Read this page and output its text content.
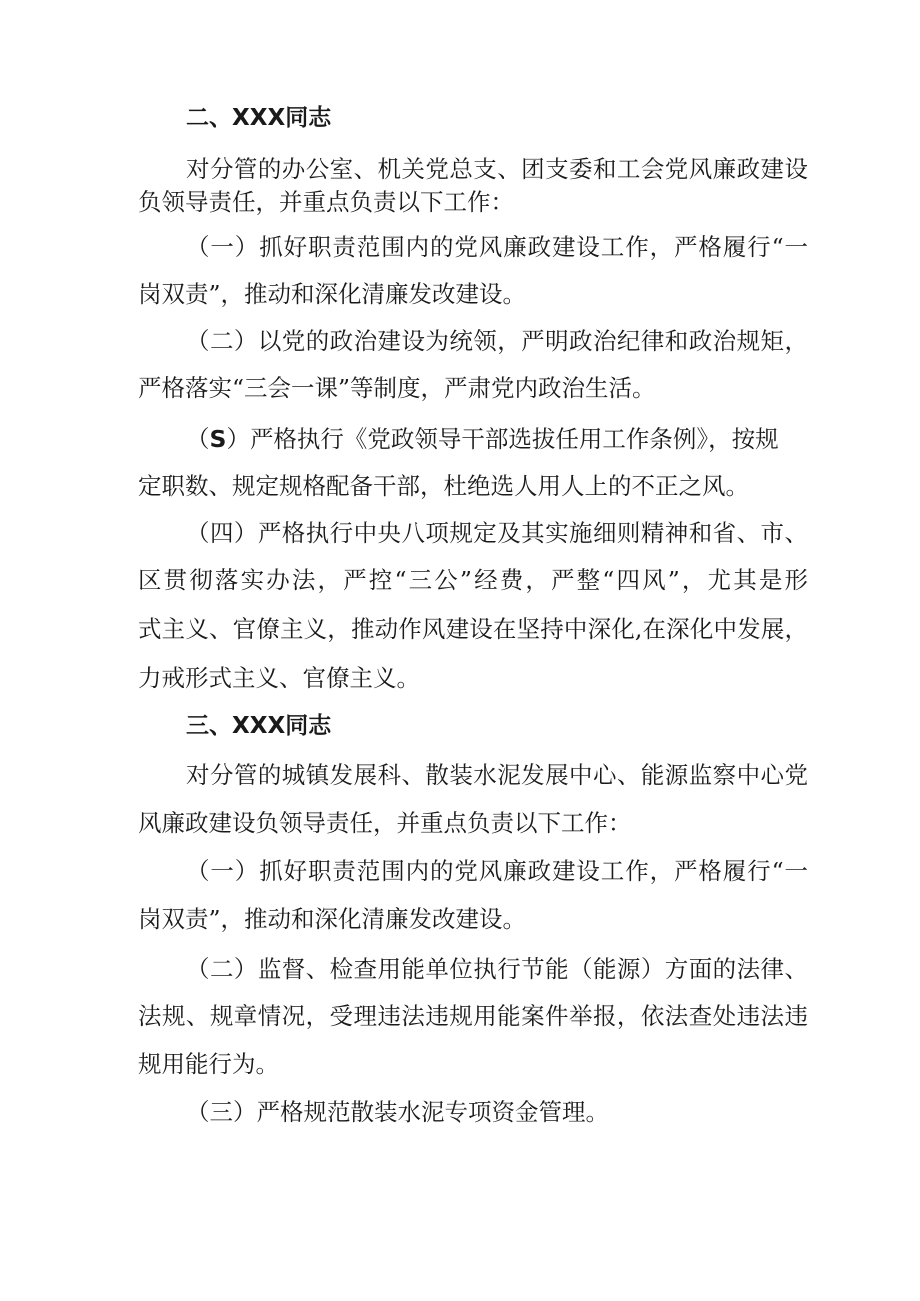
二、XXX同志
对分管的办公室、机关党总支、团支委和工会党风廉政建设
负领导责任，并重点负责以下工作：
（一）抓好职责范围内的党风廉政建设工作，严格履行“一
岗双责”，推动和深化清廉发改建设。
（二）以党的政治建设为统领，严明政治纪律和政治规矩，
严格落实“三会一课”等制度，严肃党内政治生活。
（S）严格执行《党政领导干部选拔任用工作条例》，按规
定职数、规定规格配备干部，杜绝选人用人上的不正之风。
（四）严格执行中央八项规定及其实施细则精神和省、市、
区贯彻落实办法，严控“三公”经费，严整“四风”，尤其是形
式主义、官僚主义，推动作风建设在坚持中深化,在深化中发展，
力戒形式主义、官僚主义。
三、XXX同志
对分管的城镇发展科、散装水泥发展中心、能源监察中心党
风廉政建设负领导责任，并重点负责以下工作：
（一）抓好职责范围内的党风廉政建设工作，严格履行“一
岗双责”，推动和深化清廉发改建设。
（二）监督、检查用能单位执行节能（能源）方面的法律、
法规、规章情况，受理违法违规用能案件举报，依法查处违法违
规用能行为。
（三）严格规范散装水泥专项资金管理。
